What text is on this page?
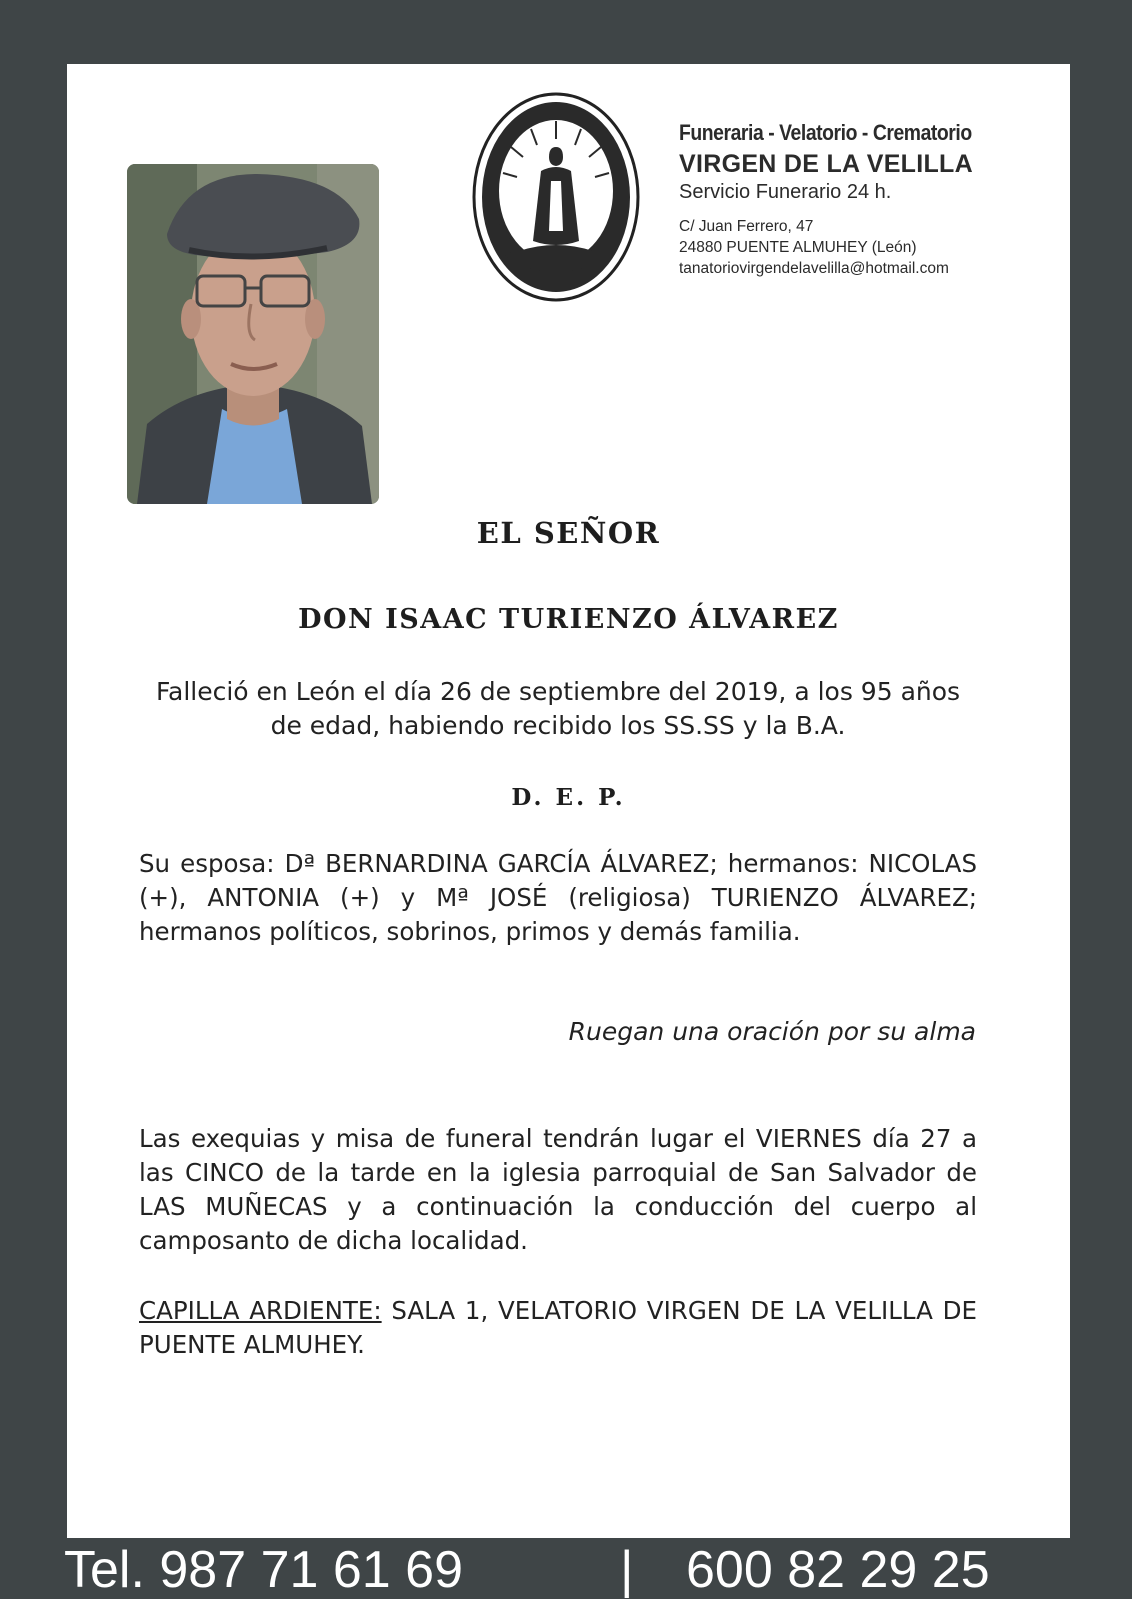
Funeraria - Velatorio - Crematorio
VIRGEN DE LA VELILLA
Servicio Funerario 24 h.
C/ Juan Ferrero, 47
24880 PUENTE ALMUHEY (León)
tanatoriovirgendelavelilla@hotmail.com
EL SEÑOR
DON ISAAC TURIENZO ÁLVAREZ
Falleció en León el día 26 de septiembre del 2019, a los 95 años de edad, habiendo recibido los SS.SS y la B.A.
D. E. P.
Su esposa: Dª BERNARDINA GARCÍA ÁLVAREZ; hermanos: NICOLAS (+), ANTONIA (+) y Mª JOSÉ (religiosa) TURIENZO ÁLVAREZ; hermanos políticos, sobrinos, primos y demás familia.
Ruegan una oración por su alma
Las exequias y misa de funeral tendrán lugar el VIERNES día 27 a las CINCO de la tarde en la iglesia parroquial de San Salvador de LAS MUÑECAS y a continuación la conducción del cuerpo al camposanto de dicha localidad.
CAPILLA ARDIENTE: SALA 1, VELATORIO VIRGEN DE LA VELILLA DE PUENTE ALMUHEY.
Tel. 987 71 61 69	| 600 82 29 25
